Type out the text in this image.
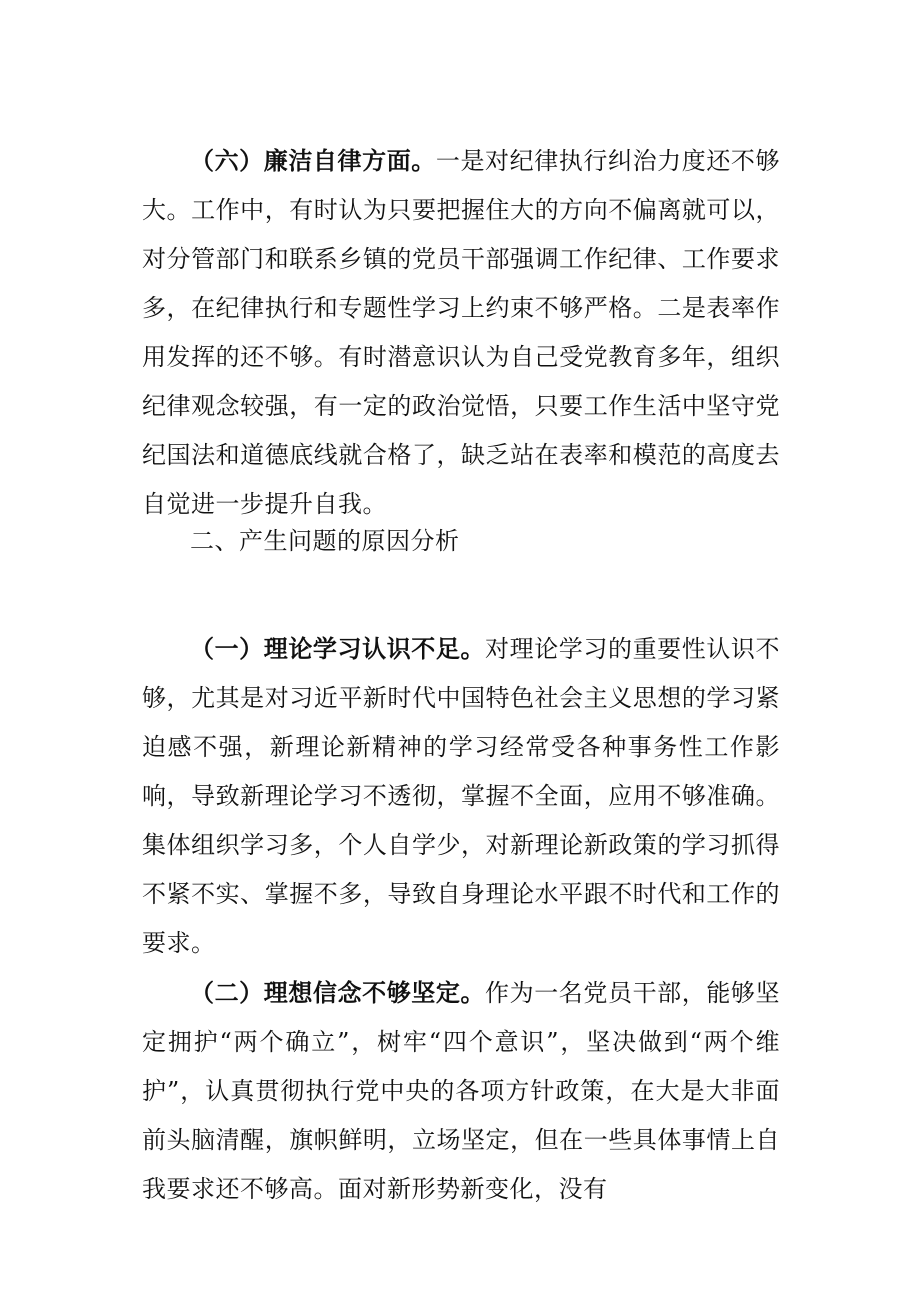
（六）廉洁自律方面。一是对纪律执行纠治力度还不够大。工作中，有时认为只要把握住大的方向不偏离就可以，对分管部门和联系乡镇的党员干部强调工作纪律、工作要求多，在纪律执行和专题性学习上约束不够严格。二是表率作用发挥的还不够。有时潜意识认为自己受党教育多年，组织纪律观念较强，有一定的政治觉悟，只要工作生活中坚守党纪国法和道德底线就合格了，缺乏站在表率和模范的高度去自觉进一步提升自我。

二、产生问题的原因分析

（一）理论学习认识不足。对理论学习的重要性认识不够，尤其是对习近平新时代中国特色社会主义思想的学习紧迫感不强，新理论新精神的学习经常受各种事务性工作影响，导致新理论学习不透彻，掌握不全面，应用不够准确。集体组织学习多，个人自学少，对新理论新政策的学习抓得不紧不实、掌握不多，导致自身理论水平跟不时代和工作的要求。

（二）理想信念不够坚定。作为一名党员干部，能够坚定拥护“两个确立”，树牢“四个意识”，坚决做到“两个维护”，认真贯彻执行党中央的各项方针政策，在大是大非面前头脑清醒，旗帜鲜明，立场坚定，但在一些具体事情上自我要求还不够高。面对新形势新变化，没有
